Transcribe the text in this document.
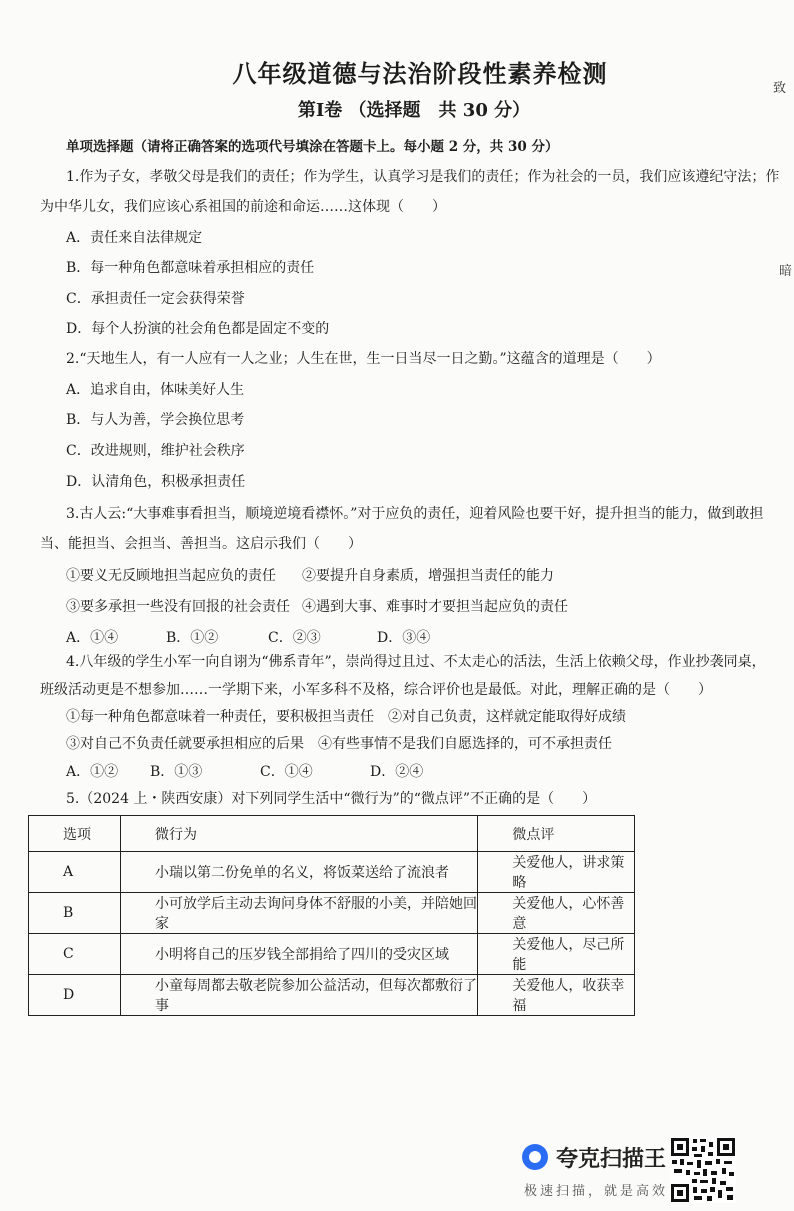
八年级道德与法治阶段性素养检测
第Ⅰ卷 （选择题　共 30 分）
致
暗
单项选择题（请将正确答案的选项代号填涂在答题卡上。每小题 2 分，共 30 分）
1.作为子女，孝敬父母是我们的责任；作为学生，认真学习是我们的责任；作为社会的一员，我们应该遵纪守法；作
为中华儿女，我们应该心系祖国的前途和命运……这体现（　　）
A．责任来自法律规定
B．每一种角色都意味着承担相应的责任
C．承担责任一定会获得荣誉
D．每个人扮演的社会角色都是固定不变的
2.“天地生人，有一人应有一人之业；人生在世，生一日当尽一日之勤。”这蕴含的道理是（　　）
A．追求自由，体味美好人生
B．与人为善，学会换位思考
C．改进规则，维护社会秩序
D．认清角色，积极承担责任
3.古人云:“大事难事看担当，顺境逆境看襟怀。”对于应负的责任，迎着风险也要干好，提升担当的能力，做到敢担
当、能担当、会担当、善担当。这启示我们（　　）
①要义无反顾地担当起应负的责任 ②要提升自身素质，增强担当责任的能力
③要多承担一些没有回报的社会责任 ④遇到大事、难事时才要担当起应负的责任
A．①④	B．①②	C．②③	D．③④
4.八年级的学生小军一向自诩为“佛系青年”，崇尚得过且过、不太走心的活法，生活上依赖父母，作业抄袭同桌，
班级活动更是不想参加……一学期下来，小军多科不及格，综合评价也是最低。对此，理解正确的是（　　）
①每一种角色都意味着一种责任，要积极担当责任　②对自己负责，这样就定能取得好成绩
③对自己不负责任就要承担相应的后果　④有些事情不是我们自愿选择的，可不承担责任
A．①② B．①③	C．①④	D．②④
5.（2024 上・陕西安康）对下列同学生活中“微行为”的“微点评”不正确的是（　　）
选项	微行为	微点评
A	小瑞以第二份免单的名义，将饭菜送给了流浪者	关爱他人，讲求策略
B	小可放学后主动去询问身体不舒服的小美，并陪她回家	关爱他人，心怀善意
C	小明将自己的压岁钱全部捐给了四川的受灾区域	关爱他人，尽己所能
D	小童每周都去敬老院参加公益活动，但每次都敷衍了事	关爱他人，收获幸福
夸克扫描王
极速扫描，就是高效
